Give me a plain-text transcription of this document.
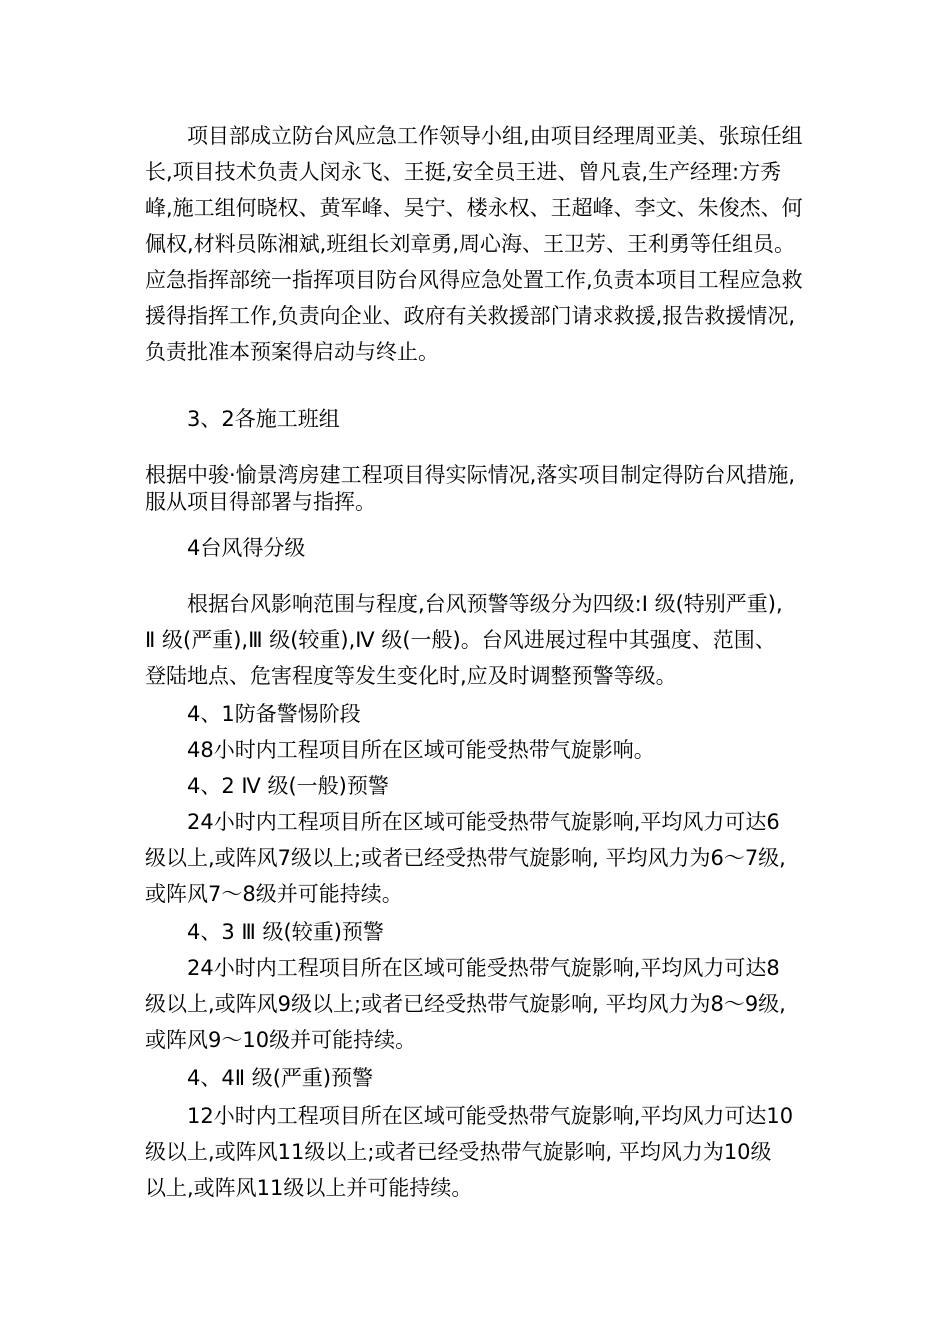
项目部成立防台风应急工作领导小组,由项目经理周亚美、张琼任组
长,项目技术负责人闵永飞、王挺,安全员王进、曾凡袁,生产经理:方秀
峰,施工组何晓权、黄军峰、吴宁、楼永权、王超峰、李文、朱俊杰、何
佩权,材料员陈湘斌,班组长刘章勇,周心海、王卫芳、王利勇等任组员。
应急指挥部统一指挥项目防台风得应急处置工作,负责本项目工程应急救
援得指挥工作,负责向企业、政府有关救援部门请求救援,报告救援情况,
负责批准本预案得启动与终止。
3、2各施工班组
根据中骏·愉景湾房建工程项目得实际情况,落实项目制定得防台风措施,
服从项目得部署与指挥。
4台风得分级
根据台风影响范围与程度,台风预警等级分为四级:Ⅰ 级(特别严重),
Ⅱ 级(严重),Ⅲ 级(较重),Ⅳ 级(一般)。台风进展过程中其强度、范围、
登陆地点、危害程度等发生变化时,应及时调整预警等级。
4、1防备警惕阶段
48小时内工程项目所在区域可能受热带气旋影响。
4、2 Ⅳ 级(一般)预警
24小时内工程项目所在区域可能受热带气旋影响,平均风力可达6
级以上,或阵风7级以上;或者已经受热带气旋影响, 平均风力为6～7级,
或阵风7～8级并可能持续。
4、3 Ⅲ 级(较重)预警
24小时内工程项目所在区域可能受热带气旋影响,平均风力可达8
级以上,或阵风9级以上;或者已经受热带气旋影响, 平均风力为8～9级,
或阵风9～10级并可能持续。
4、4Ⅱ 级(严重)预警
12小时内工程项目所在区域可能受热带气旋影响,平均风力可达10
级以上,或阵风11级以上;或者已经受热带气旋影响, 平均风力为10级
以上,或阵风11级以上并可能持续。
